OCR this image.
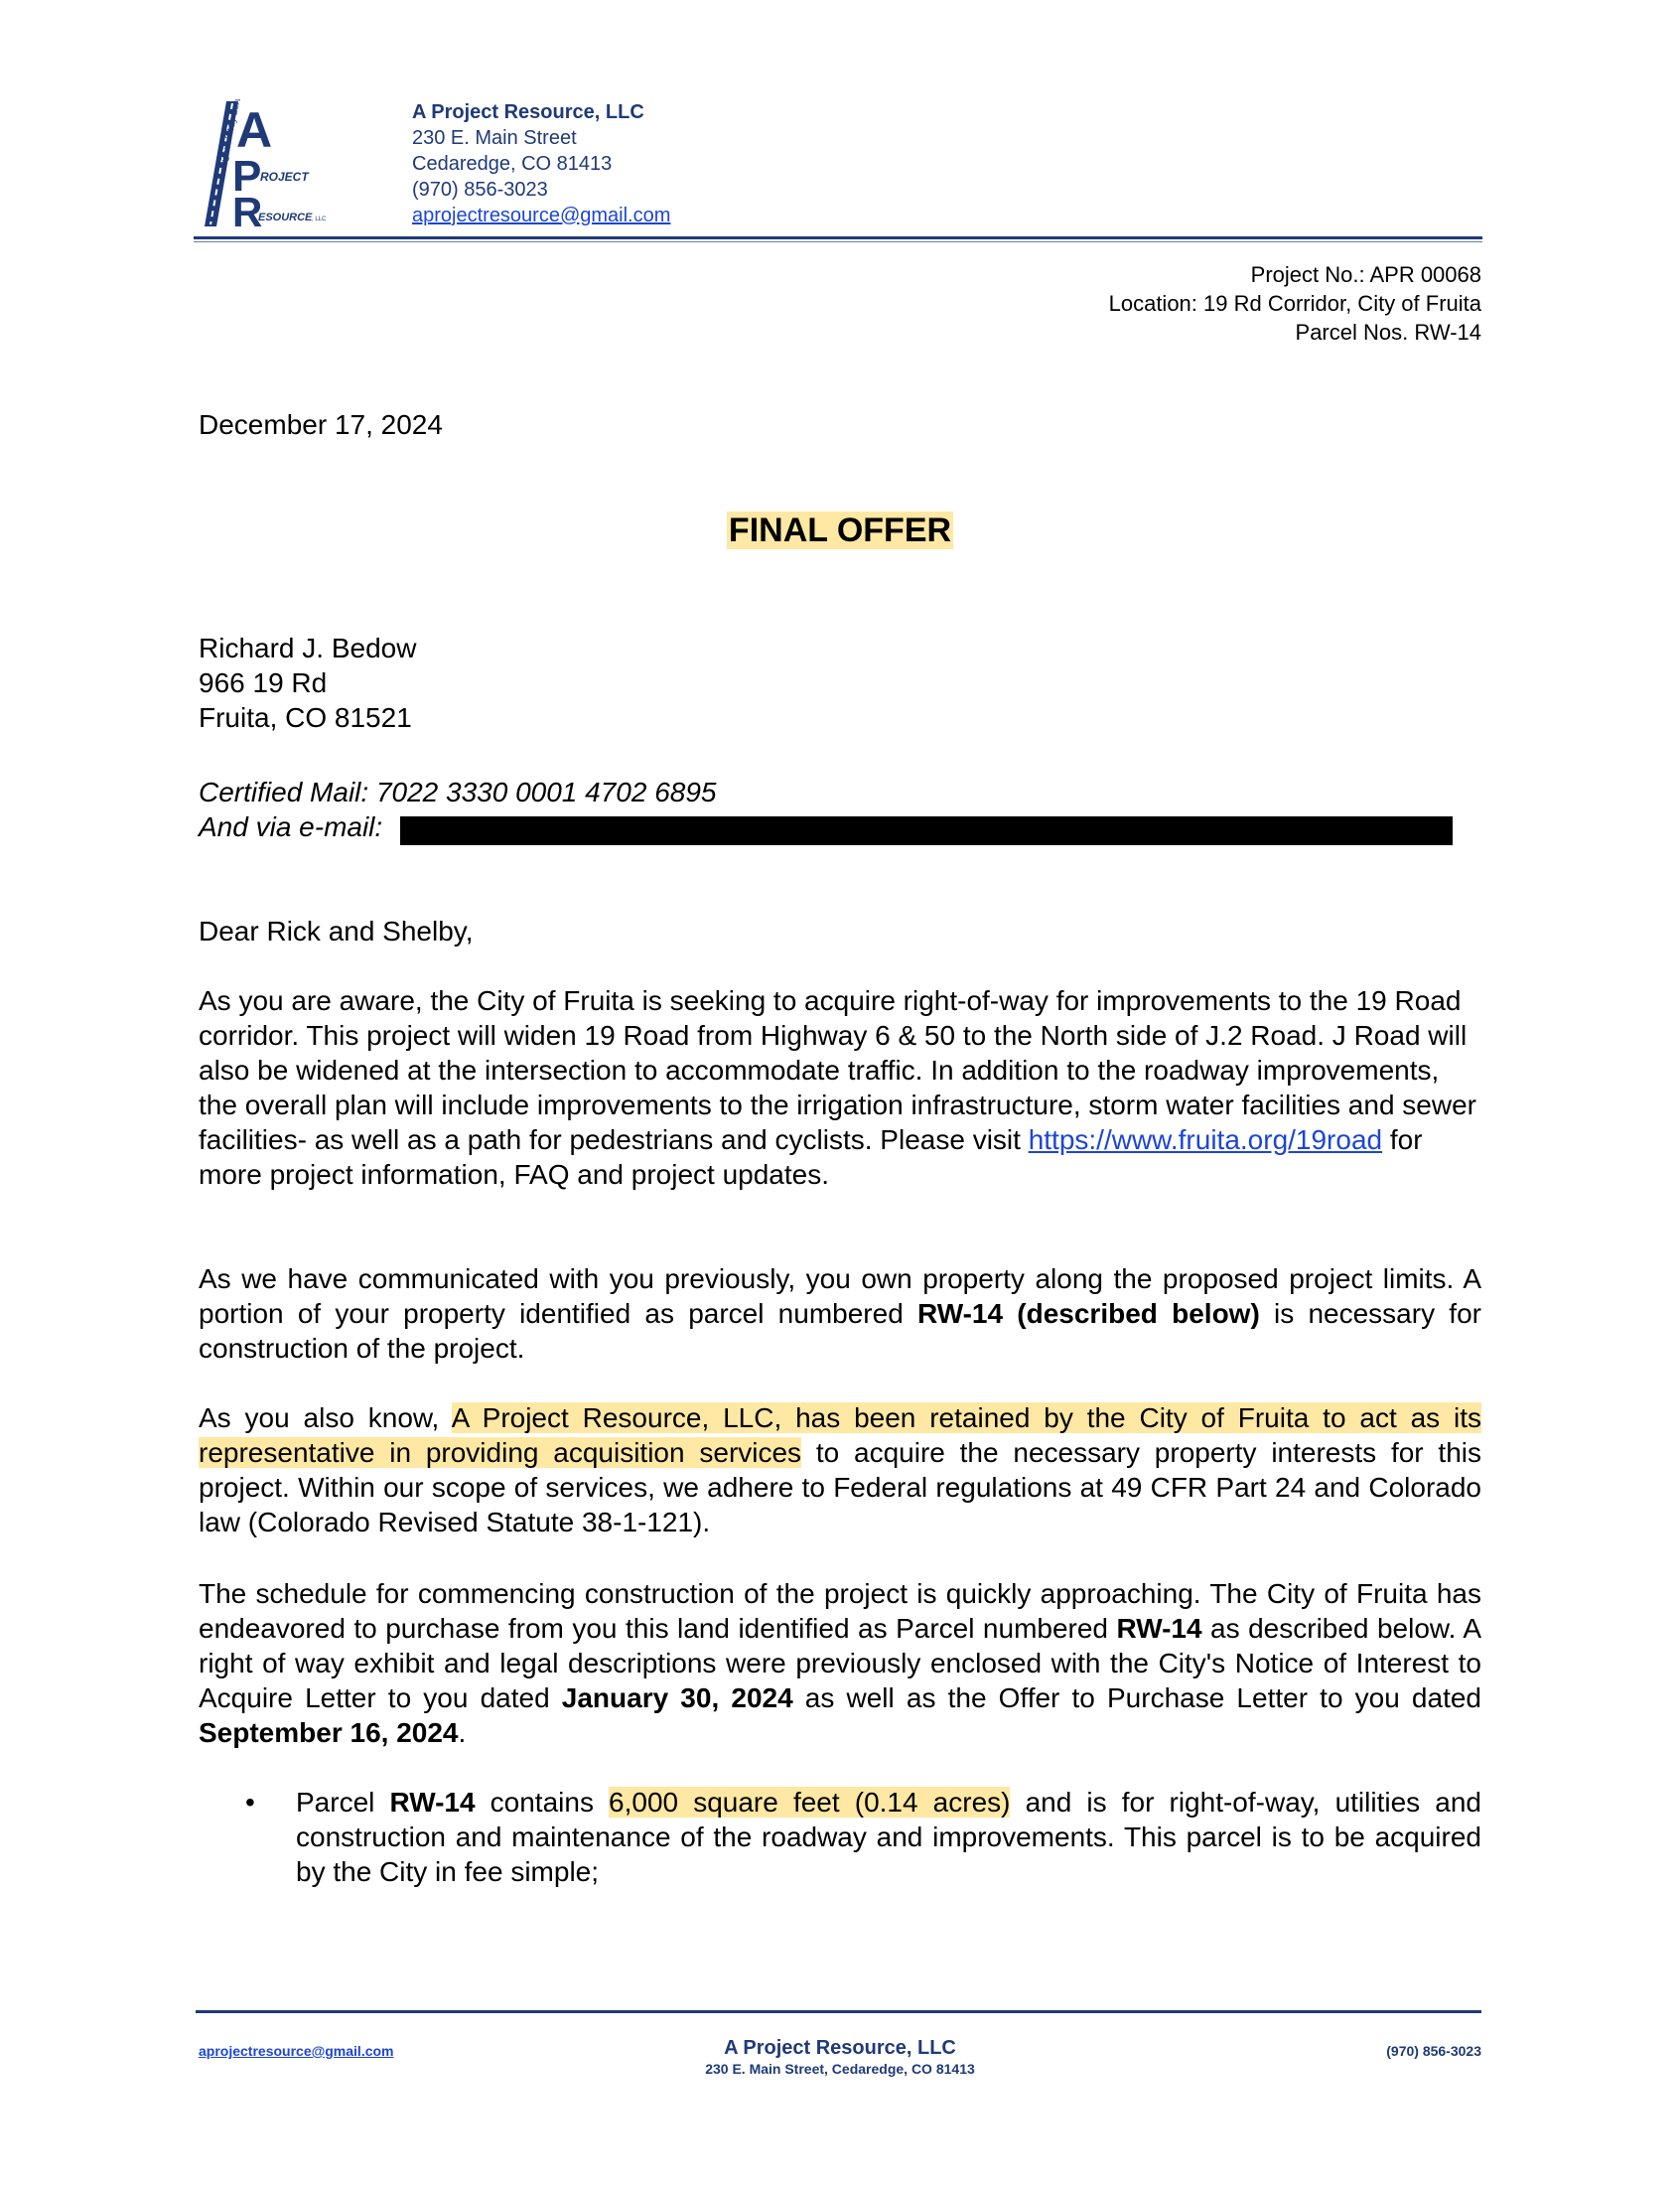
Right-of-Way Services
A
P
ROJECT
R
ESOURCE , LLC
A Project Resource, LLC
230 E. Main Street
Cedaredge, CO 81413
(970) 856-3023
aprojectresource@gmail.com
Project No.: APR 00068
Location: 19 Rd Corridor, City of Fruita
Parcel Nos. RW-14
December 17, 2024
FINAL OFFER
Richard J. Bedow
966 19 Rd
Fruita, CO 81521
Certified Mail: 7022 3330 0001 4702 6895
And via e-mail:
Dear Rick and Shelby,
As you are aware, the City of Fruita is seeking to acquire right-of-way for improvements to the 19 Road corridor. This project will widen 19 Road from Highway 6 & 50 to the North side of J.2 Road. J Road will also be widened at the intersection to accommodate traffic. In addition to the roadway improvements, the overall plan will include improvements to the irrigation infrastructure, storm water facilities and sewer facilities- as well as a path for pedestrians and cyclists. Please visit https://www.fruita.org/19road for more project information, FAQ and project updates.
As we have communicated with you previously, you own property along the proposed project limits. A portion of your property identified as parcel numbered RW-14 (described below) is necessary for construction of the project.
As you also know, A Project Resource, LLC, has been retained by the City of Fruita to act as its representative in providing acquisition services to acquire the necessary property interests for this project. Within our scope of services, we adhere to Federal regulations at 49 CFR Part 24 and Colorado law (Colorado Revised Statute 38-1-121).
The schedule for commencing construction of the project is quickly approaching. The City of Fruita has endeavored to purchase from you this land identified as Parcel numbered RW-14 as described below. A right of way exhibit and legal descriptions were previously enclosed with the City's Notice of Interest to Acquire Letter to you dated January 30, 2024 as well as the Offer to Purchase Letter to you dated September 16, 2024.
• Parcel RW-14 contains 6,000 square feet (0.14 acres) and is for right-of-way, utilities and construction and maintenance of the roadway and improvements. This parcel is to be acquired by the City in fee simple;
aprojectresource@gmail.com	A Project Resource, LLC
230 E. Main Street, Cedaredge, CO 81413
(970) 856-3023
